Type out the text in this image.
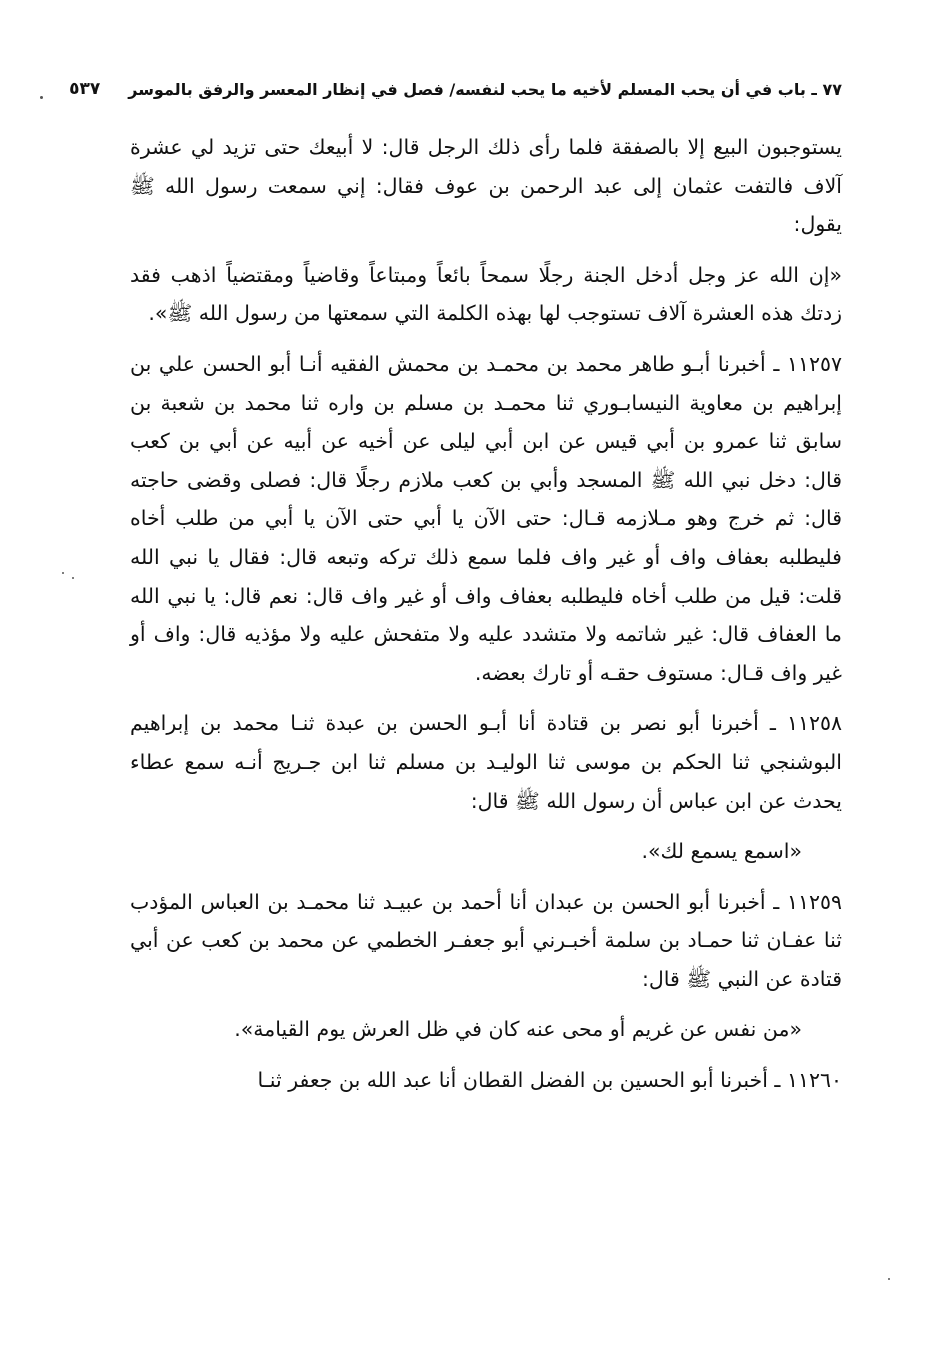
٧٧ ـ باب في أن يحب المسلم لأخيه ما يحب لنفسه/ فصل في إنظار المعسر والرفق بالموسر
٥٣٧

يستوجبون البيع إلا بالصفقة فلما رأى ذلك الرجل قال: لا أبيعك حتى تزيد لي عشرة آلاف فالتفت عثمان إلى عبد الرحمن بن عوف فقال: إني سمعت رسول الله ﷺ يقول:

«إن الله عز وجل أدخل الجنة رجلًا سمحاً بائعاً ومبتاعاً وقاضياً ومقتضياً اذهب فقد زدتك هذه العشرة آلاف تستوجب لها بهذه الكلمة التي سمعتها من رسول الله ﷺ».

١١٢٥٧ ـ أخبرنا أبـو طاهر محمد بن محمـد بن محمش الفقيه أنـا أبو الحسن علي بن إبراهيم بن معاوية النيسابـوري ثنا محمـد بن مسلم بن واره ثنا محمد بن شعبة بن سابق ثنا عمرو بن أبي قيس عن ابن أبي ليلى عن أخيه عن أبيه عن أبي بن كعب قال: دخل نبي الله ﷺ المسجد وأبي بن كعب ملازم رجلًا قال: فصلى وقضى حاجته قال: ثم خرج وهو مـلازمه قـال: حتى الآن يا أبي حتى الآن يا أبي من طلب أخاه فليطلبه بعفاف واف أو غير واف فلما سمع ذلك تركه وتبعه قال: فقال يا نبي الله قلت: قيل من طلب أخاه فليطلبه بعفاف واف أو غير واف قال: نعم قال: يا نبي الله ما العفاف قال: غير شاتمه ولا متشدد عليه ولا متفحش عليه ولا مؤذيه قال: واف أو غير واف قـال: مستوف حقـه أو تارك بعضه.

١١٢٥٨ ـ أخبرنا أبو نصر بن قتادة أنا أبـو الحسن بن عبدة ثنـا محمد بن إبراهيم البوشنجي ثنا الحكم بن موسى ثنا الوليـد بن مسلم ثنا ابن جـريج أنـه سمع عطاء يحدث عن ابن عباس أن رسول الله ﷺ قال:

«اسمع يسمع لك».

١١٢٥٩ ـ أخبرنا أبو الحسن بن عبدان أنا أحمد بن عبيـد ثنا محمـد بن العباس المؤدب ثنا عفـان ثنا حمـاد بن سلمة أخبـرني أبو جعفـر الخطمي عن محمد بن كعب عن أبي قتادة عن النبي ﷺ قال:

«من نفس عن غريم أو محى عنه كان في ظل العرش يوم القيامة».

١١٢٦٠ ـ أخبرنا أبو الحسين بن الفضل القطان أنا عبد الله بن جعفر ثنـا
